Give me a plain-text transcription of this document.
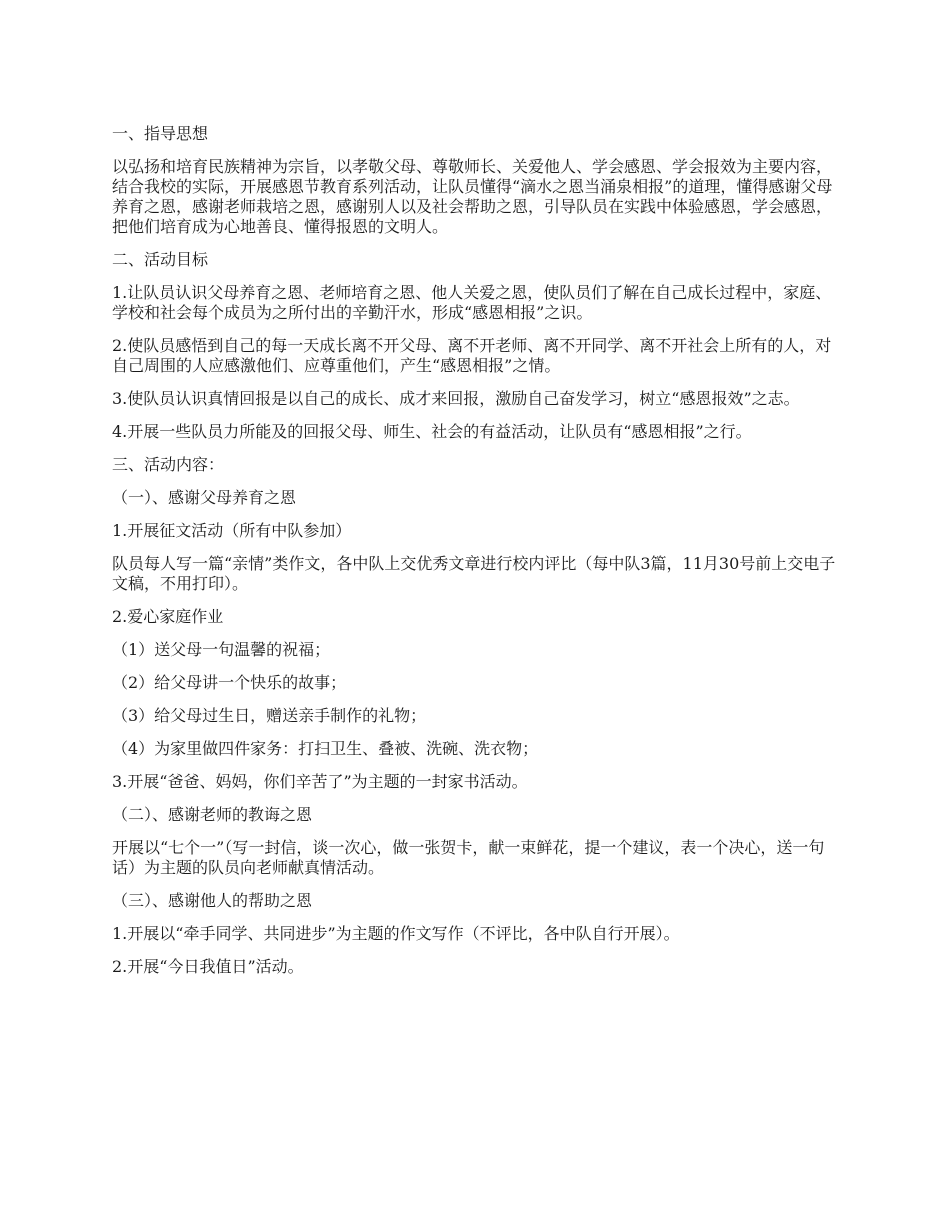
一、指导思想

以弘扬和培育民族精神为宗旨，以孝敬父母、尊敬师长、关爱他人、学会感恩、学会报效为主要内容，结合我校的实际，开展感恩节教育系列活动，让队员懂得“滴水之恩当涌泉相报”的道理，懂得感谢父母养育之恩，感谢老师栽培之恩，感谢别人以及社会帮助之恩，引导队员在实践中体验感恩，学会感恩，把他们培育成为心地善良、懂得报恩的文明人。

二、活动目标

1.让队员认识父母养育之恩、老师培育之恩、他人关爱之恩，使队员们了解在自己成长过程中，家庭、学校和社会每个成员为之所付出的辛勤汗水，形成“感恩相报”之识。

2.使队员感悟到自己的每一天成长离不开父母、离不开老师、离不开同学、离不开社会上所有的人，对自己周围的人应感激他们、应尊重他们，产生“感恩相报”之情。

3.使队员认识真情回报是以自己的成长、成才来回报，激励自己奋发学习，树立“感恩报效”之志。

4.开展一些队员力所能及的回报父母、师生、社会的有益活动，让队员有“感恩相报”之行。

三、活动内容：

（一）、感谢父母养育之恩

1.开展征文活动（所有中队参加）

队员每人写一篇“亲情”类作文，各中队上交优秀文章进行校内评比（每中队3篇，11月30号前上交电子文稿，不用打印）。

2.爱心家庭作业

（1）送父母一句温馨的祝福；

（2）给父母讲一个快乐的故事；

（3）给父母过生日，赠送亲手制作的礼物；

（4）为家里做四件家务：打扫卫生、叠被、洗碗、洗衣物；

3.开展“爸爸、妈妈，你们辛苦了”为主题的一封家书活动。

（二）、感谢老师的教诲之恩

开展以“七个一”（写一封信，谈一次心，做一张贺卡，献一束鲜花，提一个建议，表一个决心，送一句话）为主题的队员向老师献真情活动。

（三）、感谢他人的帮助之恩

1.开展以“牵手同学、共同进步”为主题的作文写作（不评比，各中队自行开展）。

2.开展“今日我值日”活动。
